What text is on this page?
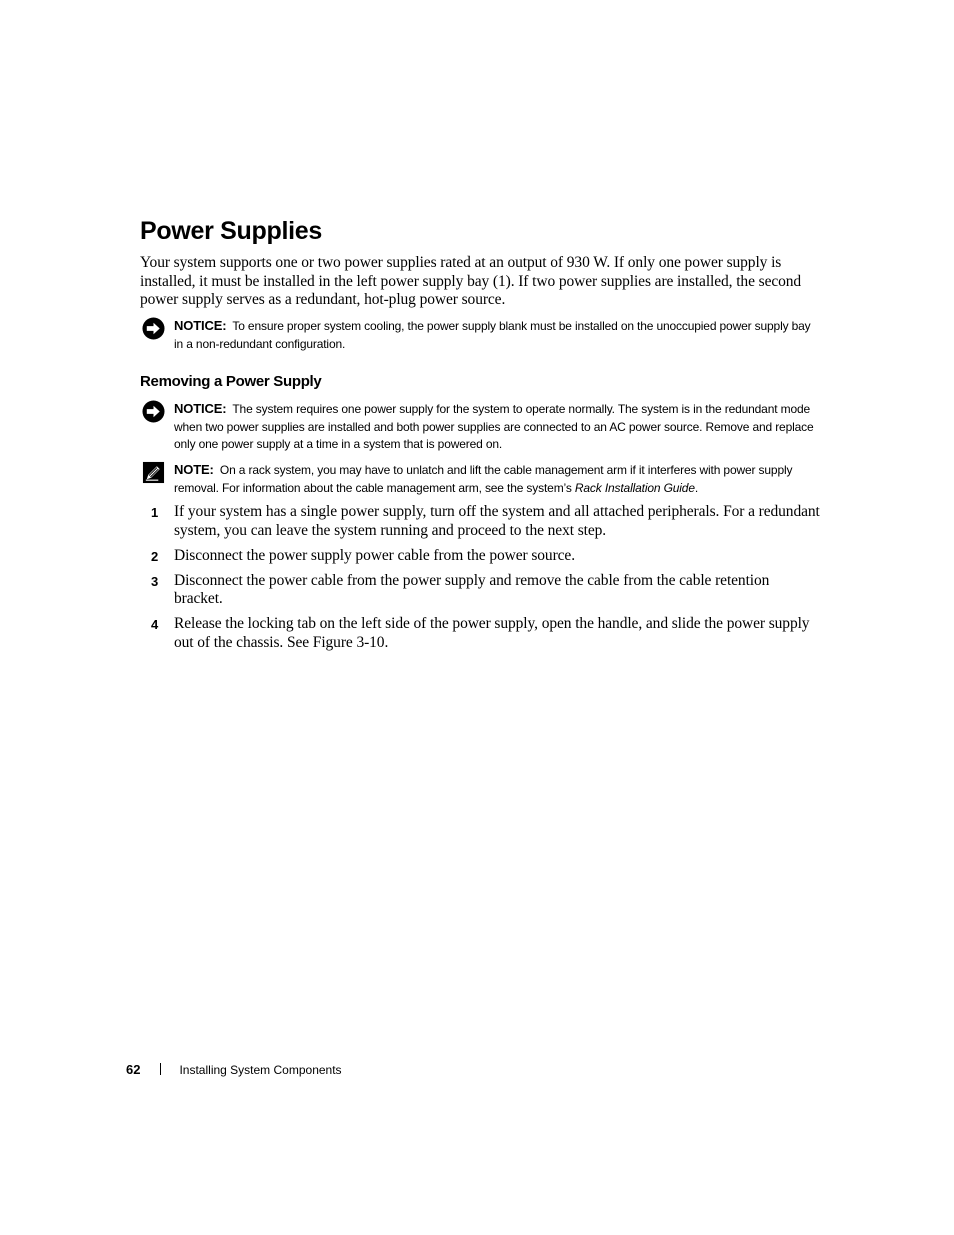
Power Supplies

Your system supports one or two power supplies rated at an output of 930 W. If only one power supply is installed, it must be installed in the left power supply bay (1). If two power supplies are installed, the second power supply serves as a redundant, hot-plug power source.

NOTICE: To ensure proper system cooling, the power supply blank must be installed on the unoccupied power supply bay in a non-redundant configuration.
Removing a Power Supply
NOTICE: The system requires one power supply for the system to operate normally. The system is in the redundant mode when two power supplies are installed and both power supplies are connected to an AC power source. Remove and replace only one power supply at a time in a system that is powered on.
NOTE: On a rack system, you may have to unlatch and lift the cable management arm if it interferes with power supply removal. For information about the cable management arm, see the system’s Rack Installation Guide.
1 If your system has a single power supply, turn off the system and all attached peripherals. For a redundant system, you can leave the system running and proceed to the next step.
2 Disconnect the power supply power cable from the power source.
3 Disconnect the power cable from the power supply and remove the cable from the cable retention bracket.
4 Release the locking tab on the left side of the power supply, open the handle, and slide the power supply out of the chassis. See Figure 3-10.
62	Installing System Components
